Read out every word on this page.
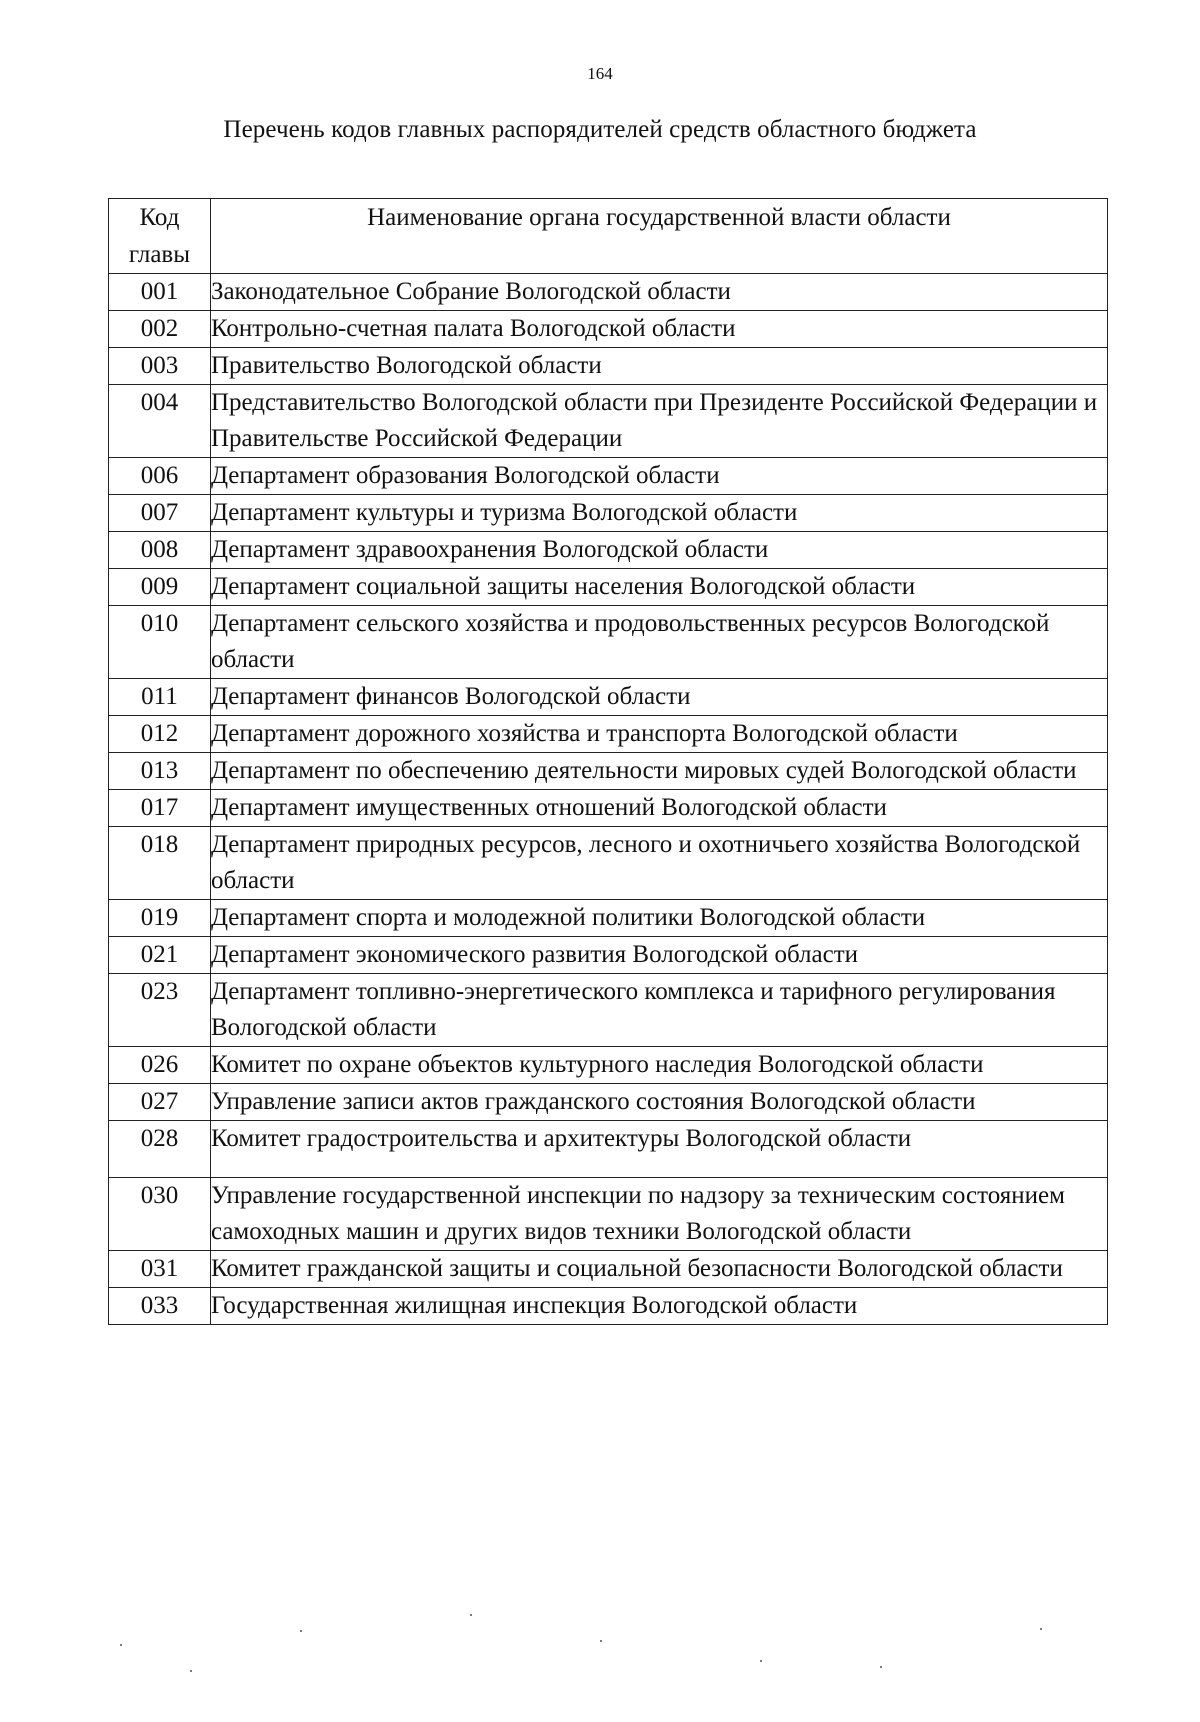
164
Перечень кодов главных распорядителей средств областного бюджета
Код главы	Наименование органа государственной власти области
001	Законодательное Собрание Вологодской области
002	Контрольно-счетная палата Вологодской области
003	Правительство Вологодской области
004	Представительство Вологодской области при Президенте Российской Федерации и Правительстве Российской Федерации
006	Департамент образования Вологодской области
007	Департамент культуры и туризма Вологодской области
008	Департамент здравоохранения Вологодской области
009	Департамент социальной защиты населения Вологодской области
010	Департамент сельского хозяйства и продовольственных ресурсов Вологодской области
011	Департамент финансов Вологодской области
012	Департамент дорожного хозяйства и транспорта Вологодской области
013	Департамент по обеспечению деятельности мировых судей Вологодской области
017	Департамент имущественных отношений Вологодской области
018	Департамент природных ресурсов, лесного и охотничьего хозяйства Вологодской области
019	Департамент спорта и молодежной политики Вологодской области
021	Департамент экономического развития Вологодской области
023	Департамент топливно-энергетического комплекса и тарифного регулирования Вологодской области
026	Комитет по охране объектов культурного наследия Вологодской области
027	Управление записи актов гражданского состояния Вологодской области
028	Комитет градостроительства и архитектуры Вологодской области
030	Управление государственной инспекции по надзору за техническим состоянием самоходных машин и других видов техники Вологодской области
031	Комитет гражданской защиты и социальной безопасности Вологодской области
033	Государственная жилищная инспекция Вологодской области
